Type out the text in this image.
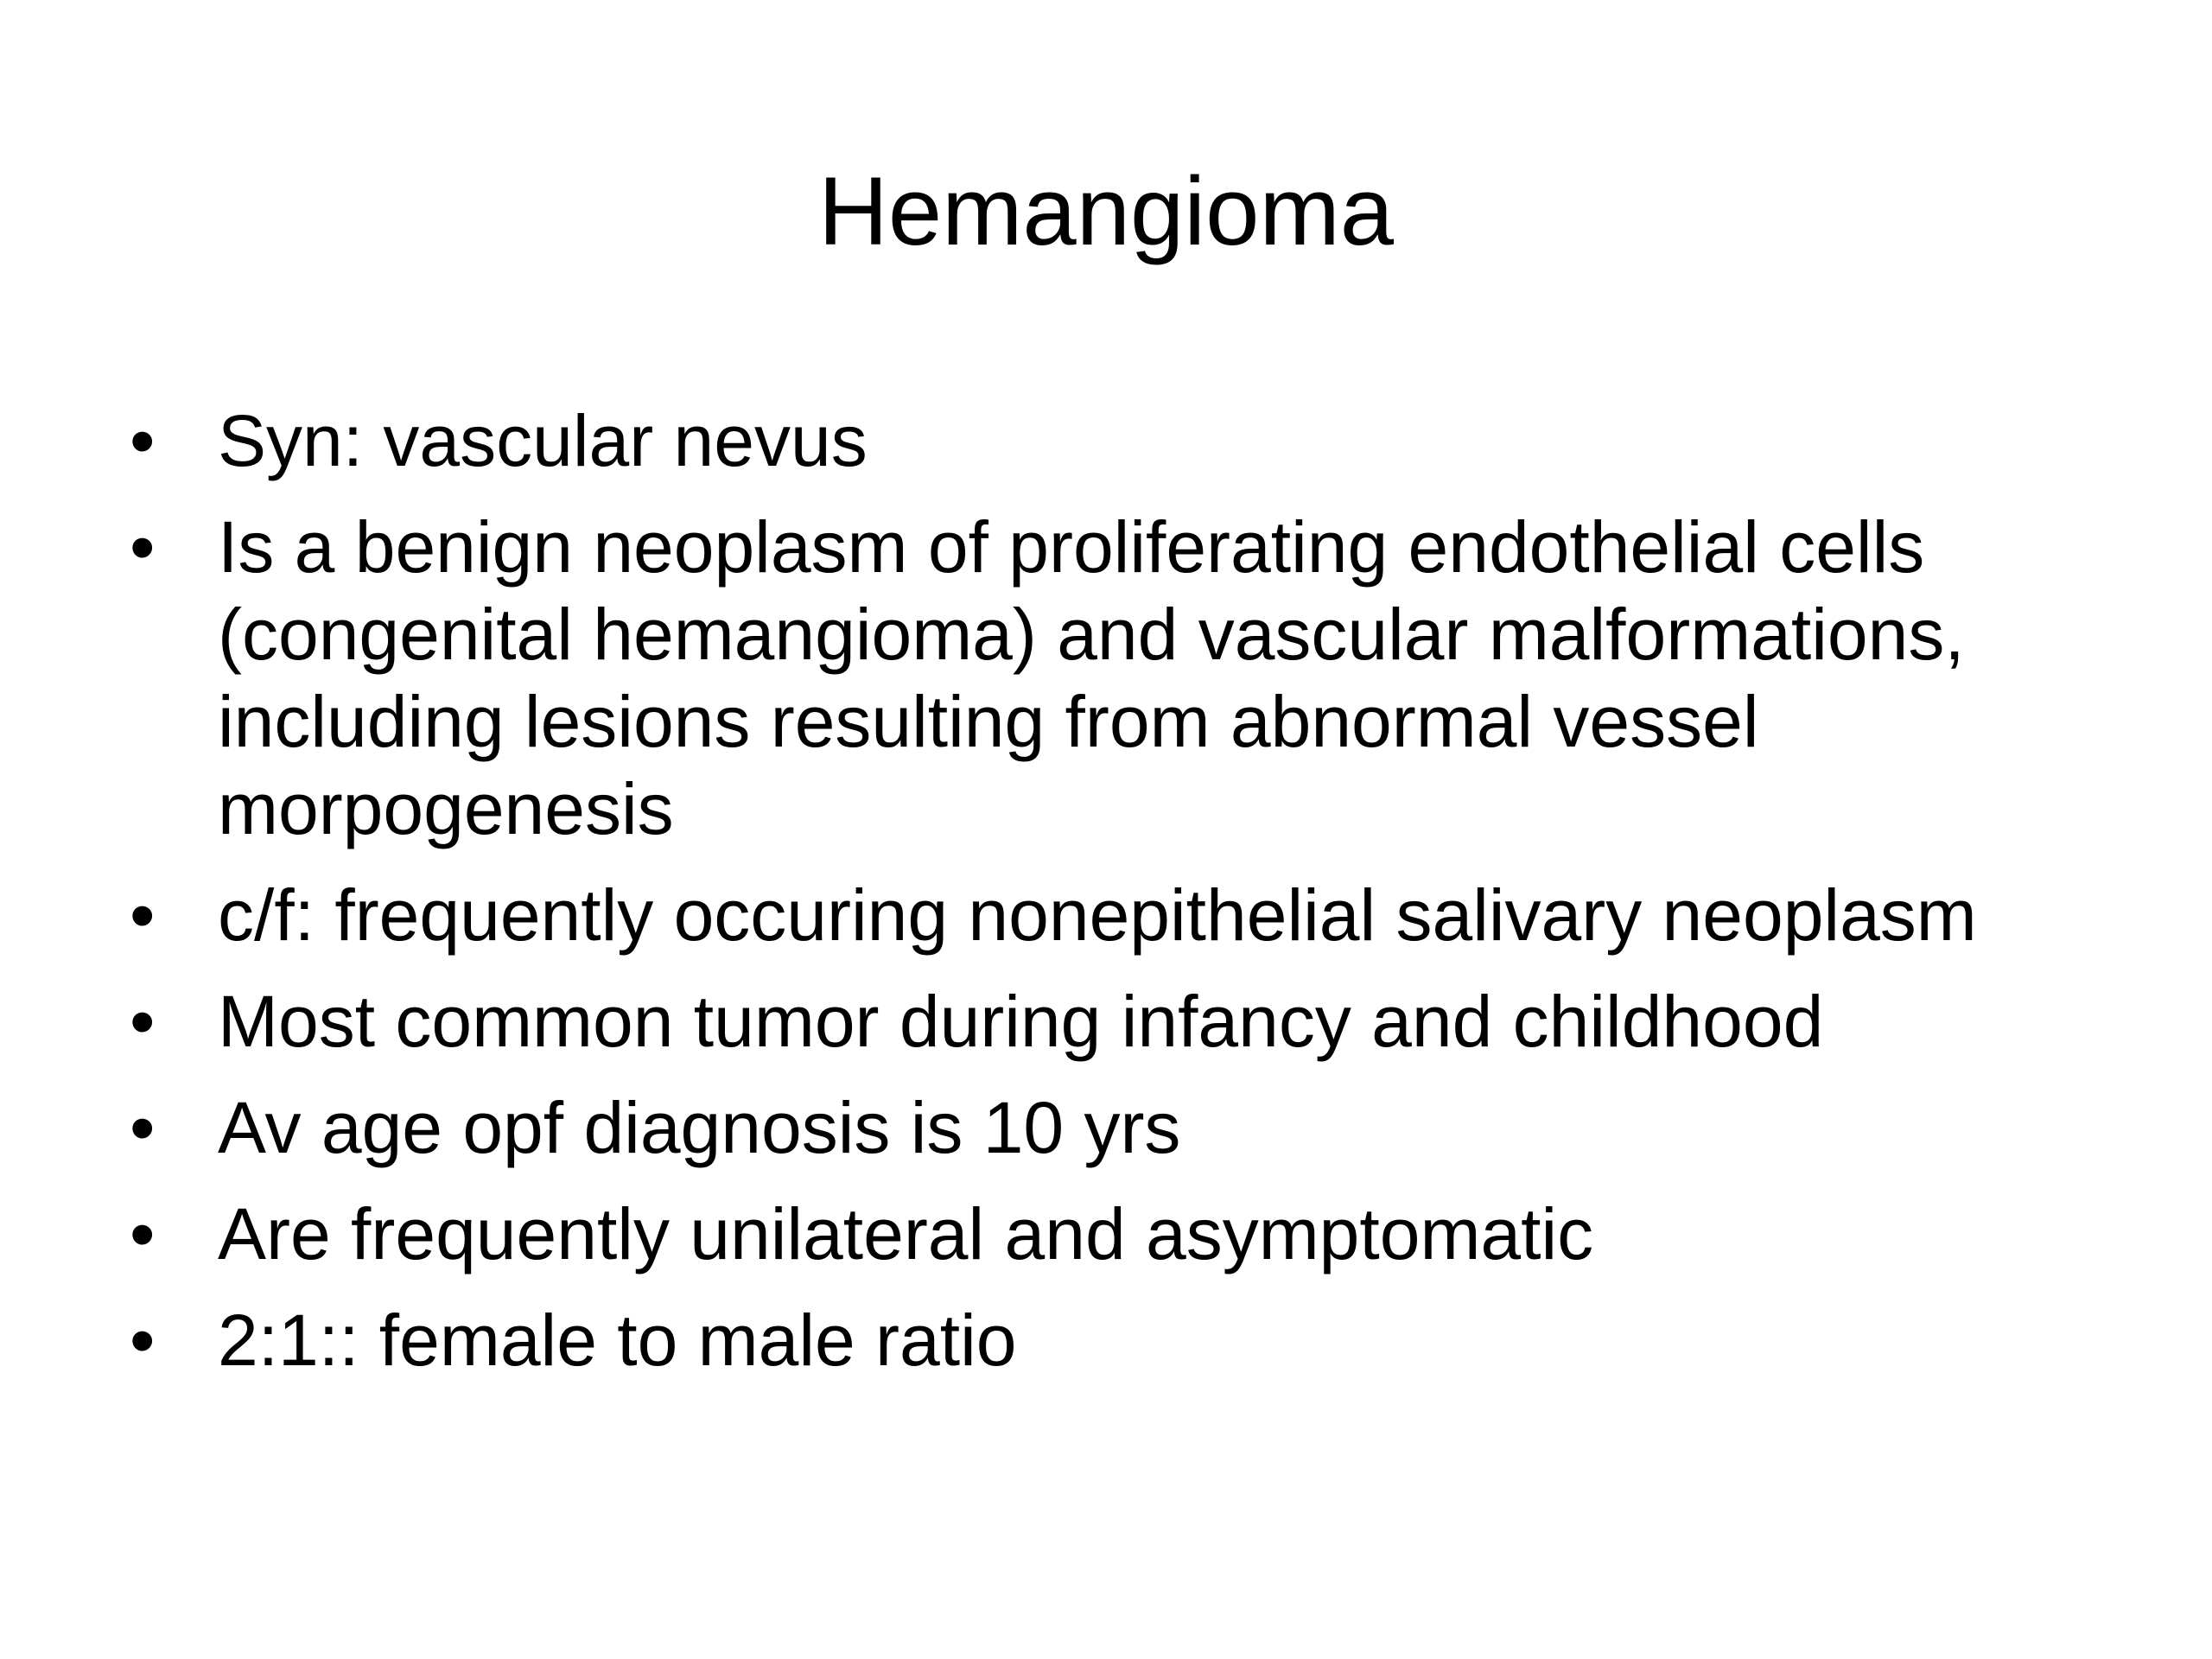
Hemangioma
• Syn: vascular nevus
• Is a benign neoplasm of proliferating endothelial cells (congenital hemangioma) and vascular malformations, including lesions resulting from abnormal vessel morpogenesis
• c/f: frequently occuring nonepithelial salivary neoplasm
• Most common tumor during infancy and childhood
• Av age opf diagnosis is 10 yrs
• Are frequently unilateral and asymptomatic
• 2:1:: female to male ratio
